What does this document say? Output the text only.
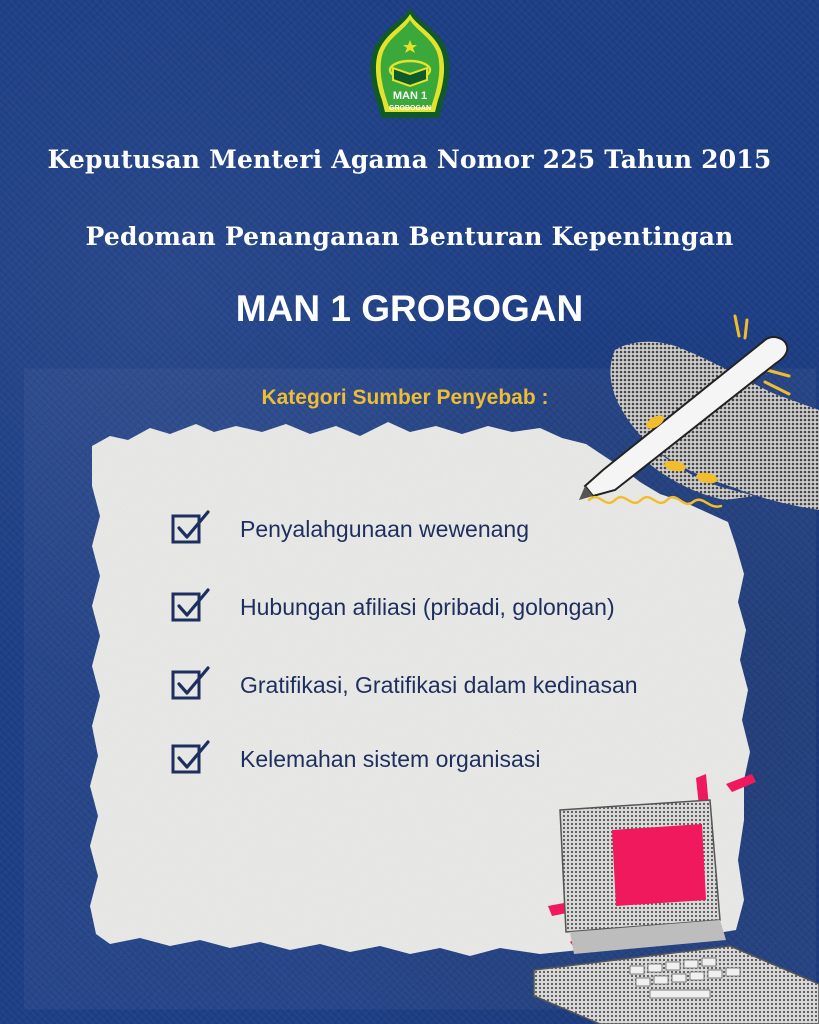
MAN 1
GROBOGAN
Keputusan Menteri Agama Nomor 225 Tahun 2015
Pedoman Penanganan Benturan Kepentingan
MAN 1 GROBOGAN
Kategori Sumber Penyebab :
Penyalahgunaan wewenang
Hubungan afiliasi (pribadi, golongan)
Gratifikasi, Gratifikasi dalam kedinasan
Kelemahan sistem organisasi
